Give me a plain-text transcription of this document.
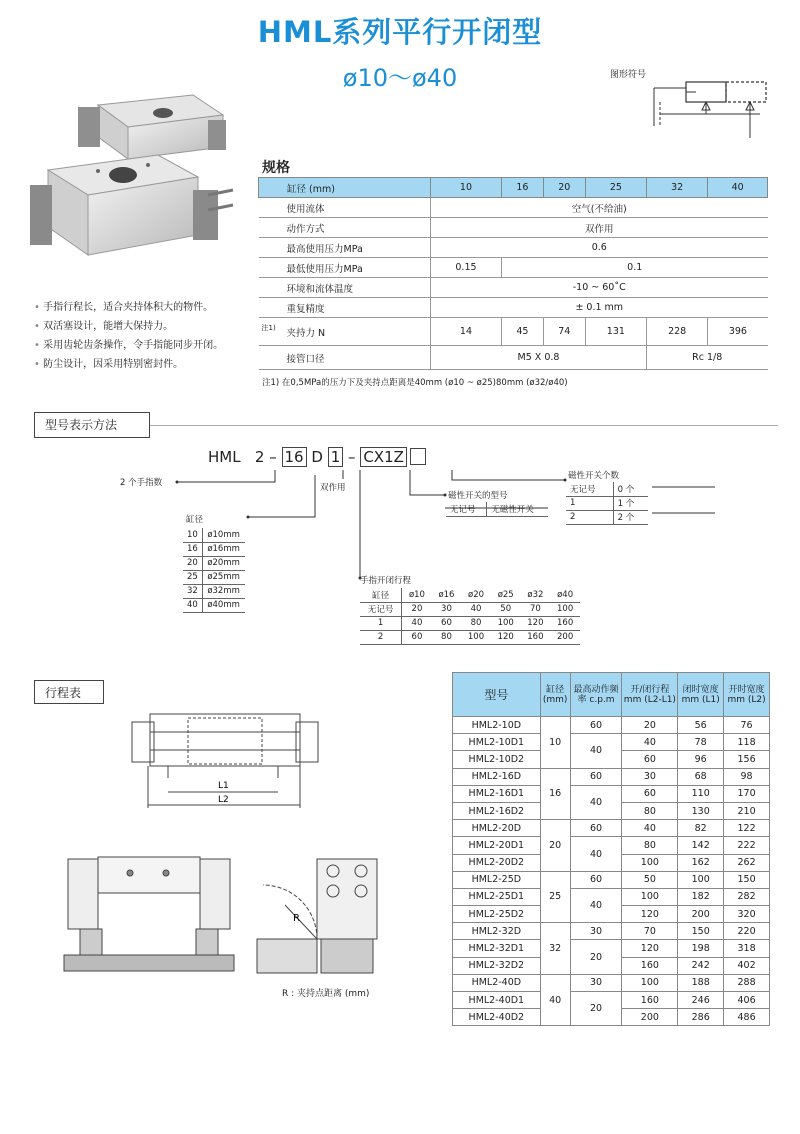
HML系列平行开闭型
ø10～ø40	图形符号
• 手指行程长，适合夹持体积大的物件。
• 双活塞设计，能增大保持力。
• 采用齿轮齿条操作，令手指能同步开闭。
• 防尘设计，因采用特别密封件。
规格
缸径 (mm)	10	16	20	25	32	40
使用流体	空气(不给油)					
动作方式	双作用					
最高使用压力MPa	0.6					
最低使用压力MPa	0.15	0.1				
环境和流体温度	-10 ~ 60˚C					
重复精度	± 0.1 mm					

注1) 夹持力 N	14	45	74	131	228	396
接管口径	M5 X 0.8				Rc 1/8	
注1) 在0,5MPa的压力下及夹持点距离是40mm (ø10 ~ ø25)80mm (ø32/ø40)
型号表示方法
HML 2 – 16 D 1 – CX1Z
2 个手指数	双作用
缸径
10	ø10mm
16	ø16mm
20	ø20mm
25	ø25mm
32	ø32mm
40	ø40mm
手指开闭行程
缸径	ø10	ø16	ø20	ø25	ø32	ø40
无记号	20	30	40	50	70	100
1	40	60	80	100	120	160
2	60	80	100	120	160	200
磁性开关的型号
无记号	无磁性开关
磁性开关个数
无记号	0 个
1	1 个
2	2 个
行程表
L1
L2
R
R : 夹持点距离 (mm)
型号	缸径 (mm)	最高动作频率 c.p.m	开/闭行程 mm (L2-L1)	闭时宽度 mm (L1)	开时宽度 mm (L2)
HML2-10D	10	60	20	56	76
HML2-10D1		40	40	78	118
HML2-10D2			60	96	156
HML2-16D	16	60	30	68	98
HML2-16D1		40	60	110	170
HML2-16D2			80	130	210
HML2-20D	20	60	40	82	122
HML2-20D1		40	80	142	222
HML2-20D2			100	162	262
HML2-25D	25	60	50	100	150
HML2-25D1		40	100	182	282
HML2-25D2			120	200	320
HML2-32D	32	30	70	150	220
HML2-32D1		20	120	198	318
HML2-32D2			160	242	402
HML2-40D	40	30	100	188	288
HML2-40D1		20	160	246	406
HML2-40D2			200	286	486
